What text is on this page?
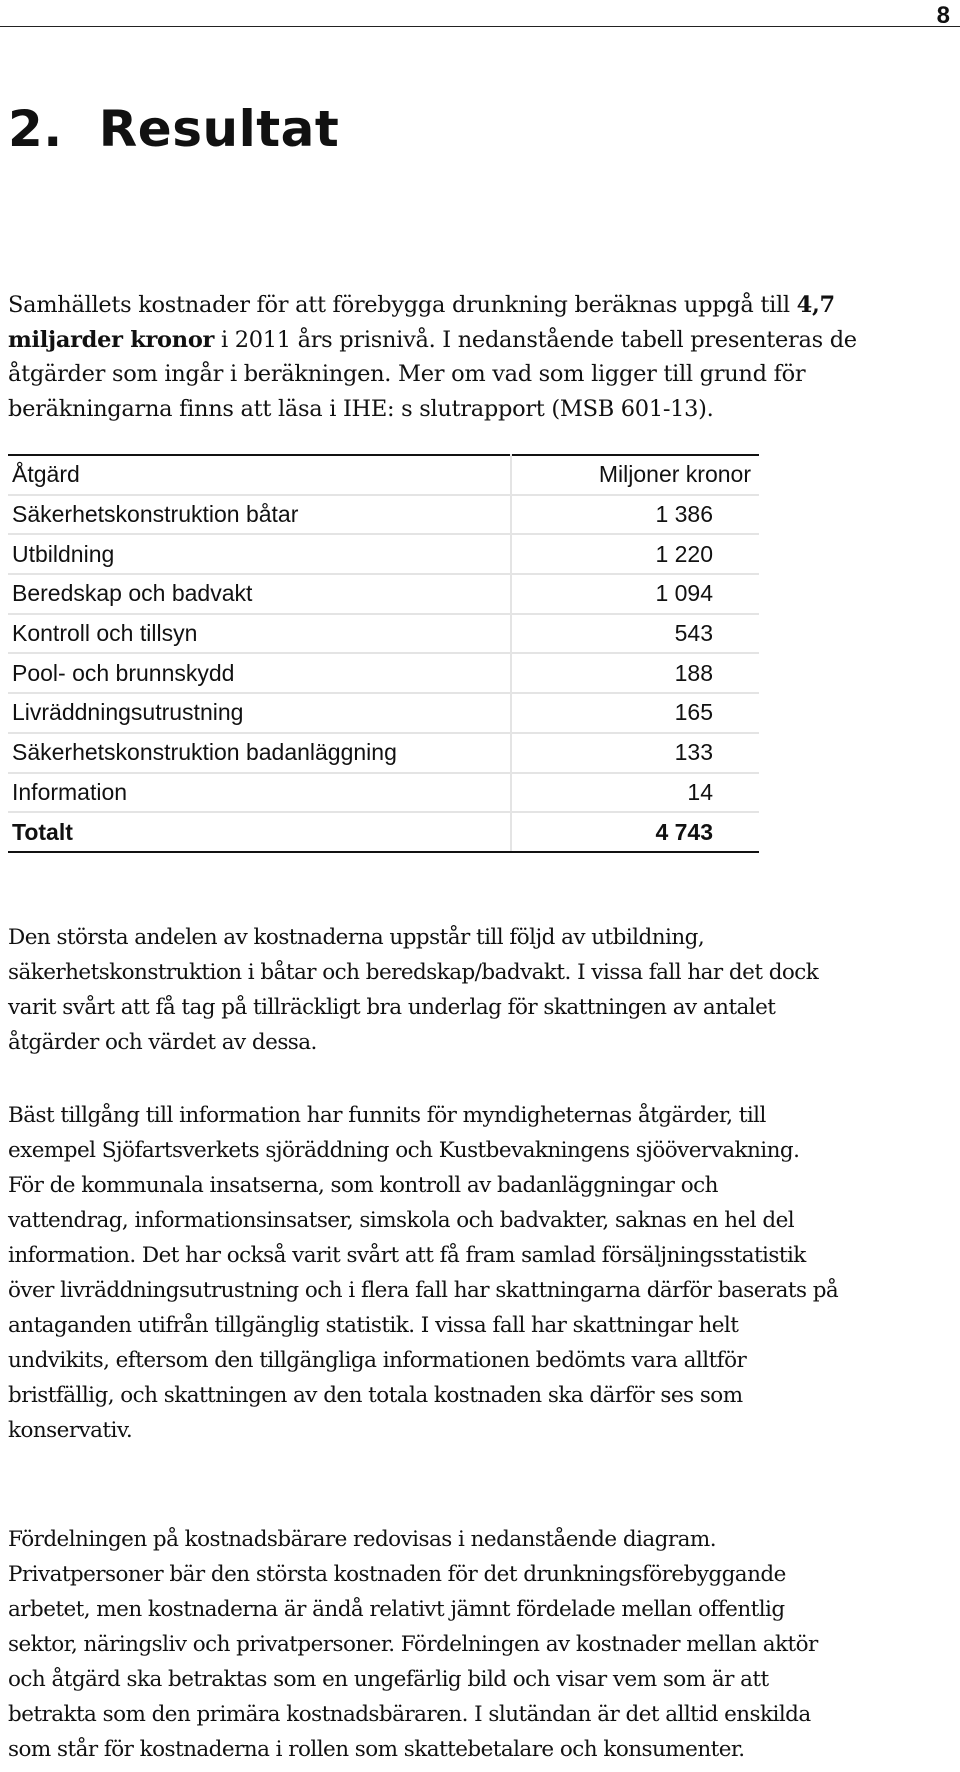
8
2. Resultat

Samhällets kostnader för att förebygga drunkning beräknas uppgå till 4,7
miljarder kronor i 2011 års prisnivå. I nedanstående tabell presenteras de
åtgärder som ingår i beräkningen. Mer om vad som ligger till grund för
beräkningarna finns att läsa i IHE: s slutrapport (MSB 601-13).

Åtgärd	Miljoner kronor
Säkerhetskonstruktion båtar	1 386
Utbildning	1 220
Beredskap och badvakt	1 094
Kontroll och tillsyn	543
Pool- och brunnskydd	188
Livräddningsutrustning	165
Säkerhetskonstruktion badanläggning	133
Information	14
Totalt	4 743

Den största andelen av kostnaderna uppstår till följd av utbildning,
säkerhetskonstruktion i båtar och beredskap/badvakt. I vissa fall har det dock
varit svårt att få tag på tillräckligt bra underlag för skattningen av antalet
åtgärder och värdet av dessa.

Bäst tillgång till information har funnits för myndigheternas åtgärder, till
exempel Sjöfartsverkets sjöräddning och Kustbevakningens sjöövervakning.
För de kommunala insatserna, som kontroll av badanläggningar och
vattendrag, informationsinsatser, simskola och badvakter, saknas en hel del
information. Det har också varit svårt att få fram samlad försäljningsstatistik
över livräddningsutrustning och i flera fall har skattningarna därför baserats på
antaganden utifrån tillgänglig statistik. I vissa fall har skattningar helt
undvikits, eftersom den tillgängliga informationen bedömts vara alltför
bristfällig, och skattningen av den totala kostnaden ska därför ses som
konservativ.

Fördelningen på kostnadsbärare redovisas i nedanstående diagram.
Privatpersoner bär den största kostnaden för det drunkningsförebyggande
arbetet, men kostnaderna är ändå relativt jämnt fördelade mellan offentlig
sektor, näringsliv och privatpersoner. Fördelningen av kostnader mellan aktör
och åtgärd ska betraktas som en ungefärlig bild och visar vem som är att
betrakta som den primära kostnadsbäraren. I slutändan är det alltid enskilda
som står för kostnaderna i rollen som skattebetalare och konsumenter.
